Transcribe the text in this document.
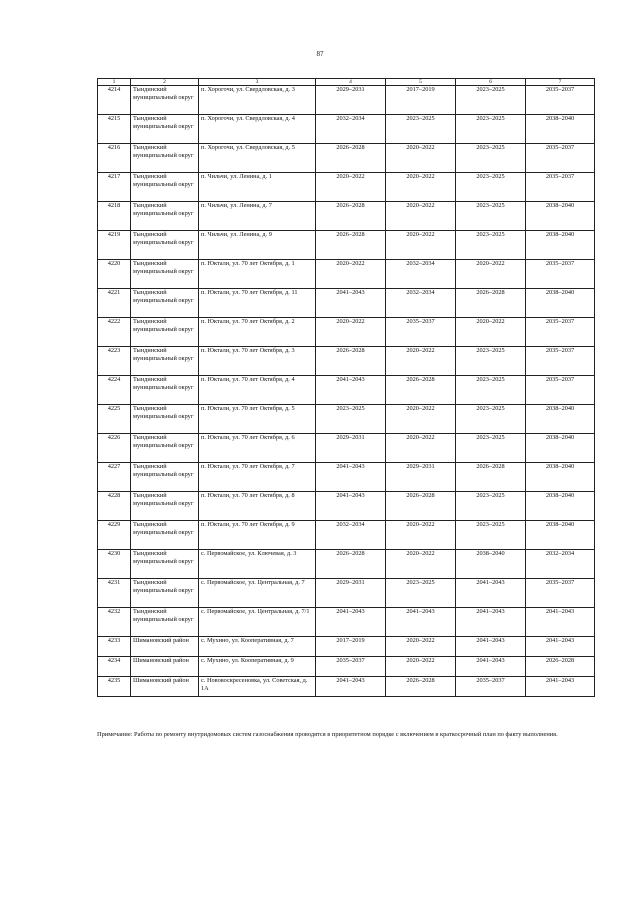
87
1	2	3	4	5	6	7
4214	Тындинский муниципальный округ	п. Хорогочи, ул. Свердловская, д. 3	2029–2031	2017–2019	2023–2025	2035–2037
4215	Тындинский муниципальный округ	п. Хорогочи, ул. Свердловская, д. 4	2032–2034	2023–2025	2023–2025	2038–2040
4216	Тындинский муниципальный округ	п. Хорогочи, ул. Свердловская, д. 5	2026–2028	2020–2022	2023–2025	2035–2037
4217	Тындинский муниципальный округ	п. Чильчи, ул. Ленина, д. 1	2020–2022	2020–2022	2023–2025	2035–2037
4218	Тындинский муниципальный округ	п. Чильчи, ул. Ленина, д. 7	2026–2028	2020–2022	2023–2025	2038–2040
4219	Тындинский муниципальный округ	п. Чильчи, ул. Ленина, д. 9	2026–2028	2020–2022	2023–2025	2038–2040
4220	Тындинский муниципальный округ	п. Юктали, ул. 70 лет Октября, д. 1	2020–2022	2032–2034	2020–2022	2035–2037
4221	Тындинский муниципальный округ	п. Юктали, ул. 70 лет Октября, д. 11	2041–2043	2032–2034	2026–2028	2038–2040
4222	Тындинский муниципальный округ	п. Юктали, ул. 70 лет Октября, д. 2	2020–2022	2035–2037	2020–2022	2035–2037
4223	Тындинский муниципальный округ	п. Юктали, ул. 70 лет Октября, д. 3	2026–2028	2020–2022	2023–2025	2035–2037
4224	Тындинский муниципальный округ	п. Юктали, ул. 70 лет Октября, д. 4	2041–2043	2026–2028	2023–2025	2035–2037
4225	Тындинский муниципальный округ	п. Юктали, ул. 70 лет Октября, д. 5	2023–2025	2020–2022	2023–2025	2038–2040
4226	Тындинский муниципальный округ	п. Юктали, ул. 70 лет Октября, д. 6	2029–2031	2020–2022	2023–2025	2038–2040
4227	Тындинский муниципальный округ	п. Юктали, ул. 70 лет Октября, д. 7	2041–2043	2029–2031	2026–2028	2038–2040
4228	Тындинский муниципальный округ	п. Юктали, ул. 70 лет Октября, д. 8	2041–2043	2026–2028	2023–2025	2038–2040
4229	Тындинский муниципальный округ	п. Юктали, ул. 70 лет Октября, д. 9	2032–2034	2020–2022	2023–2025	2038–2040
4230	Тындинский муниципальный округ	с. Первомайское, ул. Ключевая, д. 3	2026–2028	2020–2022	2038–2040	2032–2034
4231	Тындинский муниципальный округ	с. Первомайское, ул. Центральная, д. 7	2029–2031	2023–2025	2041–2043	2035–2037
4232	Тындинский муниципальный округ	с. Первомайское, ул. Центральная, д. 7/1	2041–2043	2041–2043	2041–2043	2041–2043
4233	Шимановский район	с. Мухино, ул. Кооперативная, д. 7	2017–2019	2020–2022	2041–2043	2041–2043
4234	Шимановский район	с. Мухино, ул. Кооперативная, д. 9	2035–2037	2020–2022	2041–2043	2026–2028
4235	Шимановский район	с. Нововоскресеновка, ул. Советская, д. 1А	2041–2043	2026–2028	2035–2037	2041–2043
Примечание: Работы по ремонту внутридомовых систем газоснабжения проводятся в приоритетном порядке с включением в краткосрочный план по факту выполнения.
